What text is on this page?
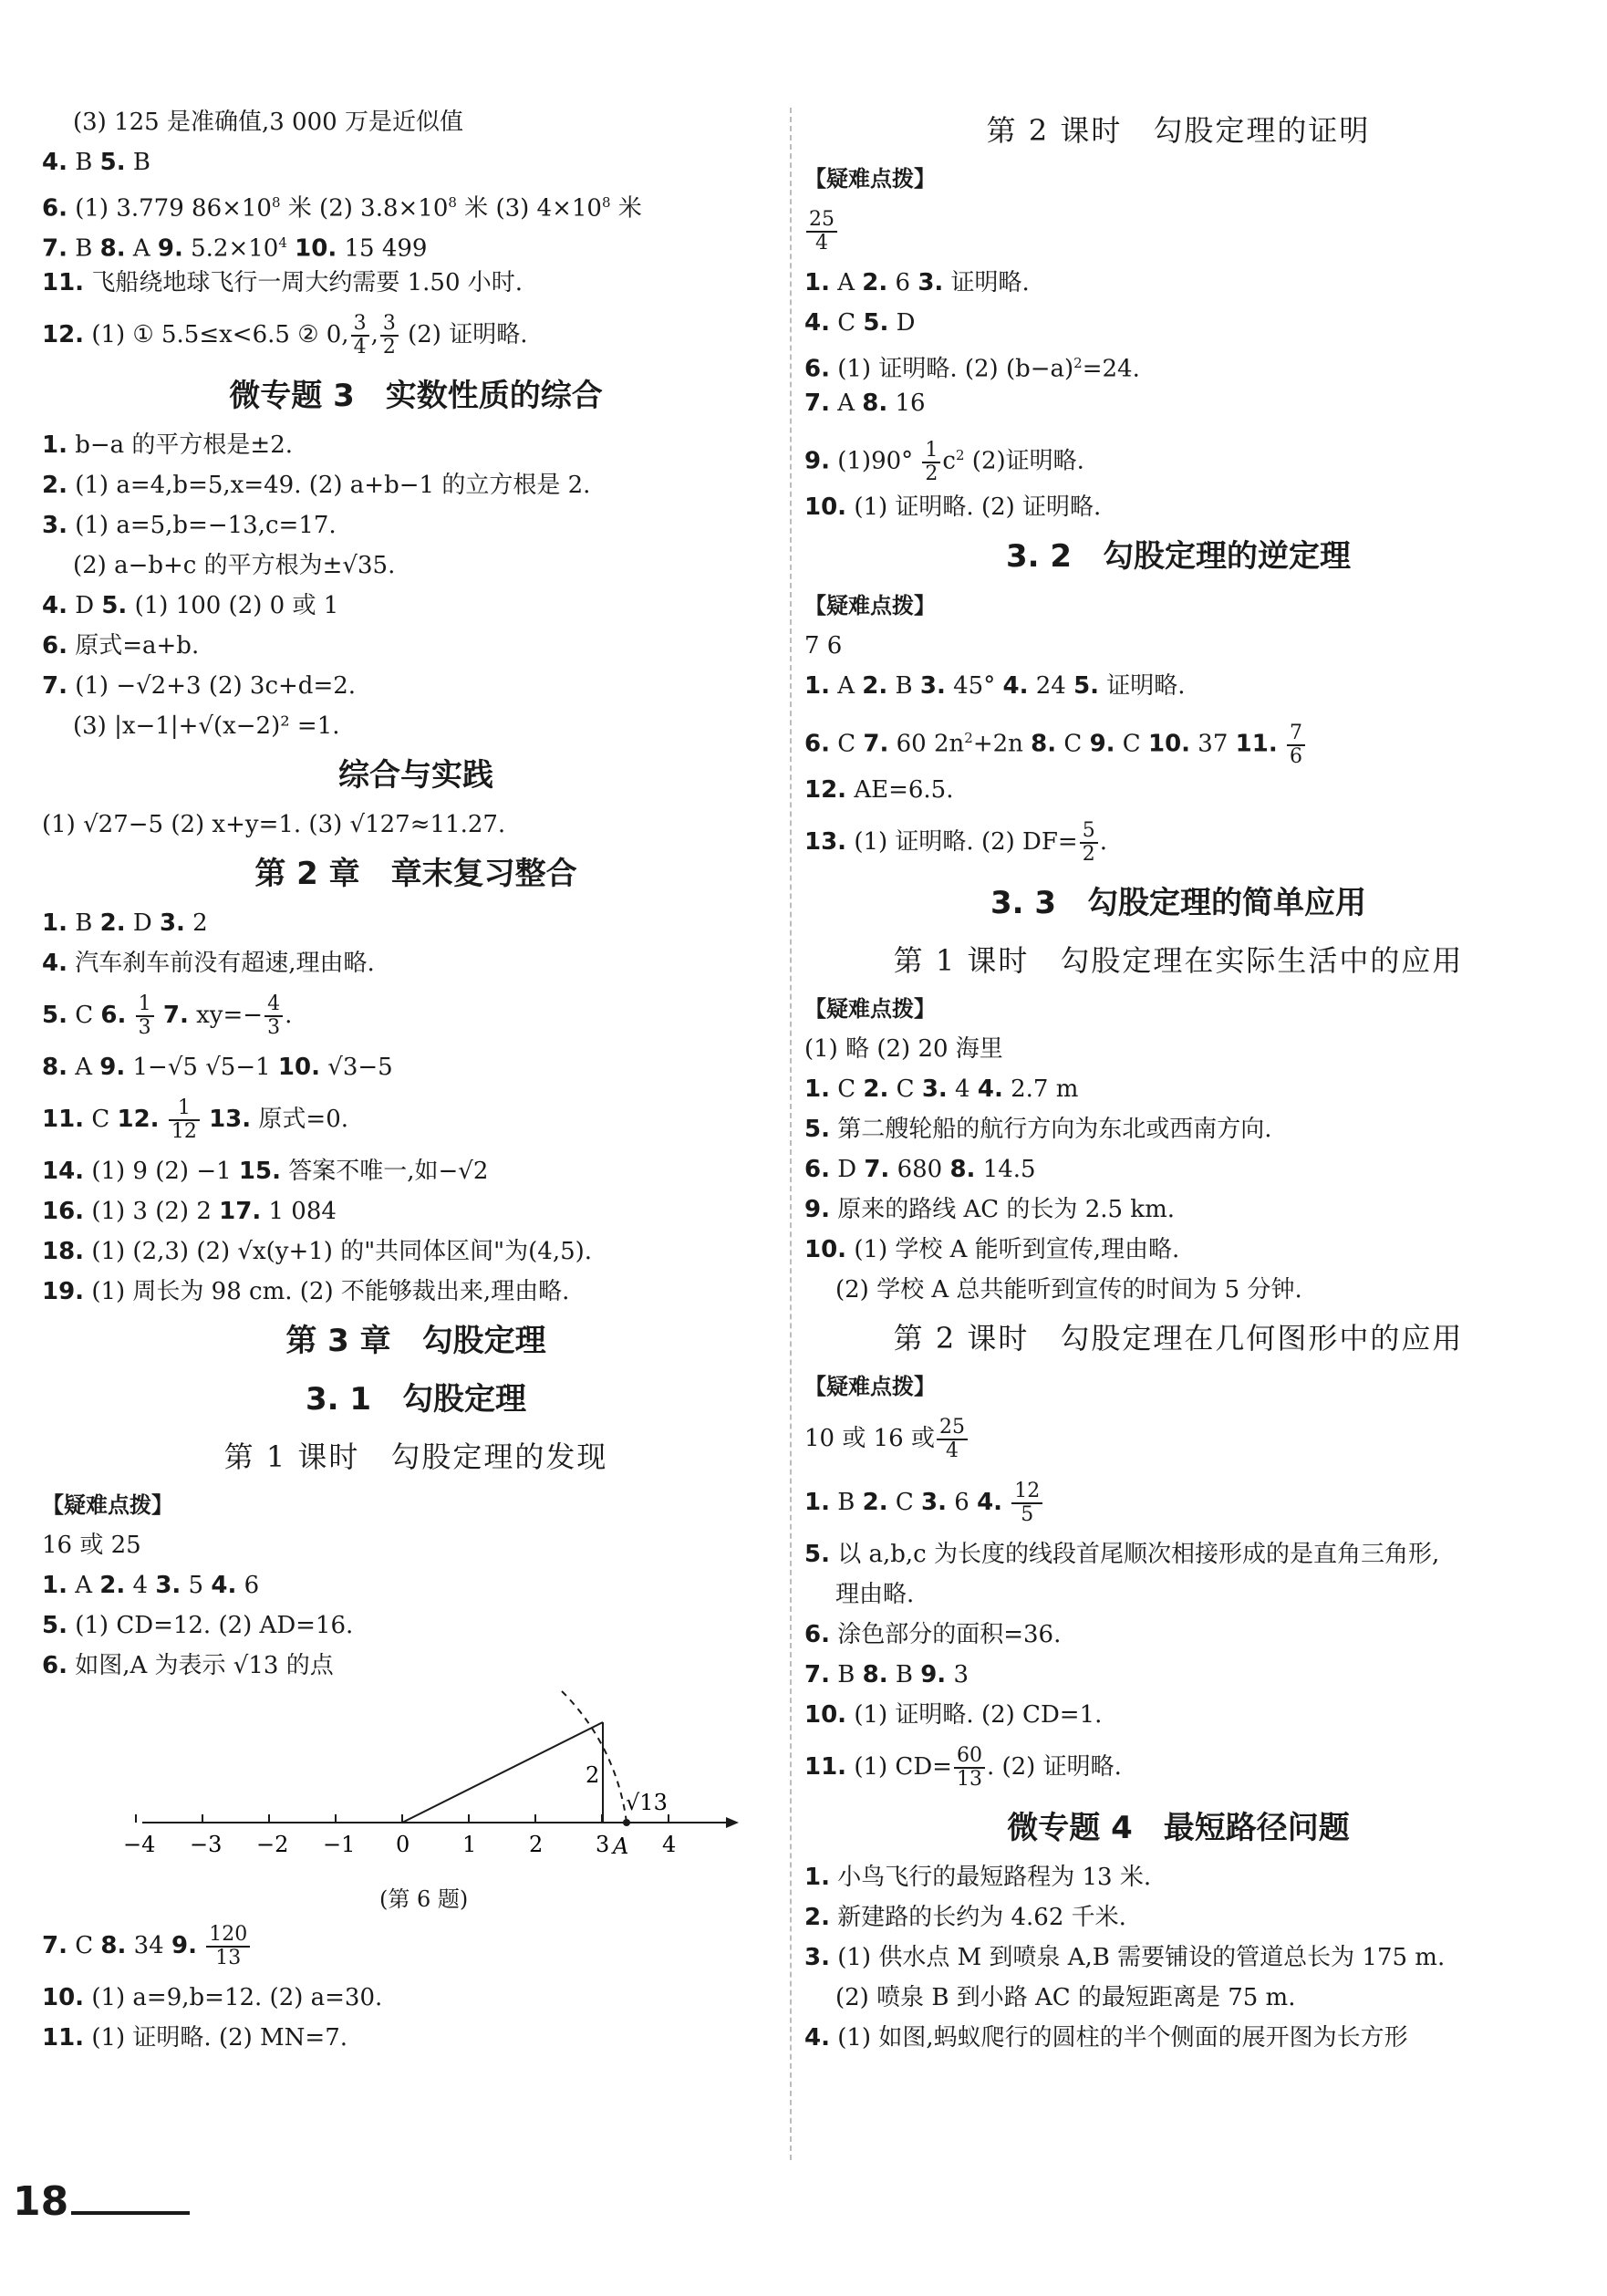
(3) 125 是准确值,3 000 万是近似值
4. B 5. B
6. (1) 3.779 $86\times 10^8$ 米 (2) $3.8\times 10^8$ 米 (3) $4\times 10^8$ 米
7. B 8. A 9. $5.2\times 10^4$ 10. 15 499
11. 飞船绕地球飞行一周大约需要 1.50 小时.
12. (1) ① 5.5≤x<6.5 ② 0, $\frac{3}{4}$ , $\frac{3}{2} (2)$ 证明略.
微专题 3　实数性质的综合
1. b−a 的平方根是±2.
2. (1) a=4,b=5,x=49. (2) a+b−1 的立方根是 2.
3. (1) a=5,b=−13,c=17.
(2) a−b+c 的平方根为±√35.
4. D 5. (1) 100 (2) 0 或 1
6. 原式=a+b.
7. (1) −√2+3 (2) 3c+d=2.
(3) |x−1|+√(x−2)² =1.
综合与实践
(1) √27−5 (2) x+y=1. (3) √127≈11.27.
第 2 章　章末复习整合
1. B 2. D 3. 2
4. 汽车刹车前没有超速,理由略.
5. C 6. $\frac{1}{3} 7$. $xy=- \frac{4}{3}$ .
8. A 9. 1−√5 √5−1 10. √3−5
11. C 12. $\frac{1}{12} 13$. 原式=0.
14. (1) 9 (2) −1 15. 答案不唯一,如−√2
16. (1) 3 (2) 2 17. 1 084
18. (1) (2,3) (2) √x(y+1) 的"共同体区间"为(4,5).
19. (1) 周长为 98 cm. (2) 不能够裁出来,理由略.
第 3 章　勾股定理
3. 1　勾股定理
第 1 课时　勾股定理的发现
【疑难点拨】
16 或 25
1. A 2. 4 3. 5 4. 6
5. (1) CD=12. (2) AD=16.
6. 如图,A 为表示 √13 的点
−4 −3 −2 −1 0 1 2 3 4
2
√13
A
(第 6 题)
7. C 8. 34 9. $\frac{120}{13}$
10. (1) a=9,b=12. (2) a=30.
11. (1) 证明略. (2) MN=7.
第 2 课时　勾股定理的证明
【疑难点拨】
$\frac{25}{4}$
1. A 2. 6 3. 证明略.
4. C 5. D
6. (1) 证明略. (2) $(b-a)^2=24$.
7. A 8. 16
9. $(1)90^\circ \frac{1}{2} c^2$ (2)证明略.
10. (1) 证明略. (2) 证明略.
3. 2　勾股定理的逆定理
【疑难点拨】
7 6
1. A 2. B 3. 45° 4. 24 5. 证明略.
6. C 7. 60 $2n^2+2n$ 8. C 9. C 10. 37 11. $\frac{7}{6}$
12. AE=6.5.
13. (1) 证明略. (2) $DF= \frac{5}{2}$ .
3. 3　勾股定理的简单应用
第 1 课时　勾股定理在实际生活中的应用
【疑难点拨】
(1) 略 (2) 20 海里
1. C 2. C 3. 4 4. 2.7 m
5. 第二艘轮船的航行方向为东北或西南方向.
6. D 7. 680 8. 14.5
9. 原来的路线 AC 的长为 2.5 km.
10. (1) 学校 A 能听到宣传,理由略.
(2) 学校 A 总共能听到宣传的时间为 5 分钟.
第 2 课时　勾股定理在几何图形中的应用
【疑难点拨】
10 或 16 或 $\frac{25}{4}$
1. B 2. C 3. 6 4. $\frac{12}{5}$
5. 以 a,b,c 为长度的线段首尾顺次相接形成的是直角三角形,
理由略.
6. 涂色部分的面积=36.
7. B 8. B 9. 3
10. (1) 证明略. (2) CD=1.
11. (1) $CD= \frac{60}{13}$ . (2) 证明略.
微专题 4　最短路径问题
1. 小鸟飞行的最短路程为 13 米.
2. 新建路的长约为 4.62 千米.
3. (1) 供水点 M 到喷泉 A,B 需要铺设的管道总长为 175 m.
(2) 喷泉 B 到小路 AC 的最短距离是 75 m.
4. (1) 如图,蚂蚁爬行的圆柱的半个侧面的展开图为长方形
18
